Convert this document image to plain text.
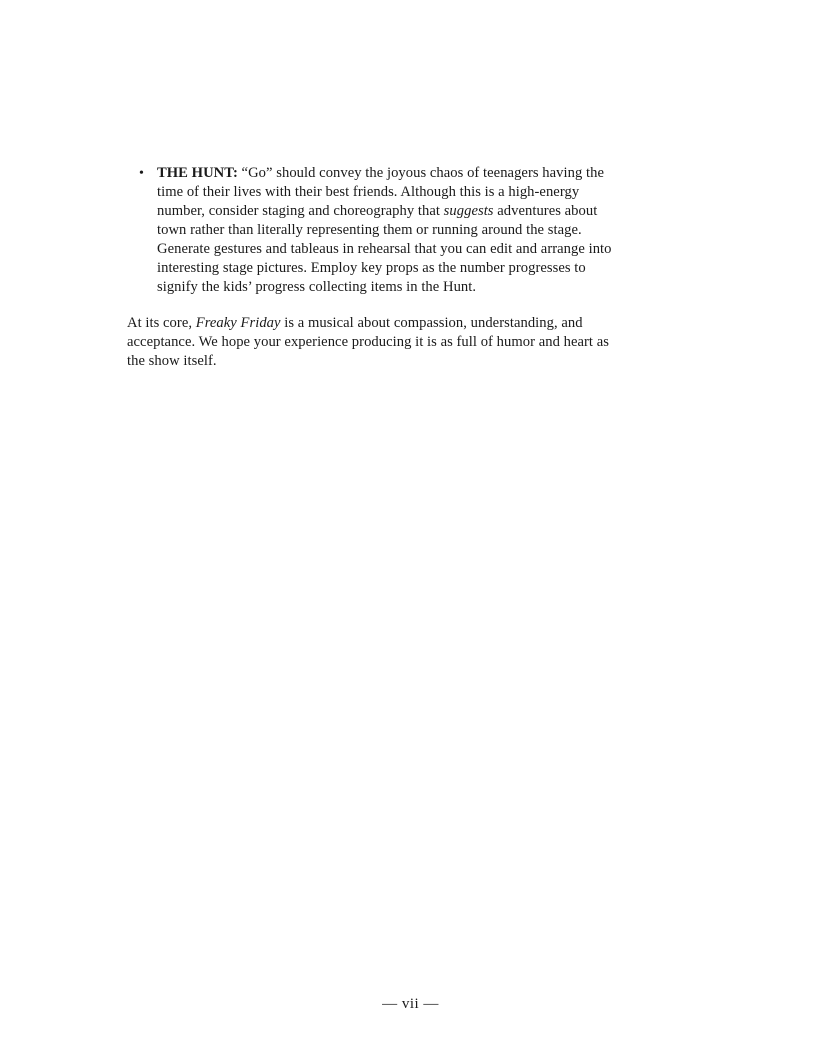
• THE HUNT: “Go” should convey the joyous chaos of teenagers having the
time of their lives with their best friends. Although this is a high-energy
number, consider staging and choreography that suggests adventures about
town rather than literally representing them or running around the stage.
Generate gestures and tableaus in rehearsal that you can edit and arrange into
interesting stage pictures. Employ key props as the number progresses to
signify the kids’ progress collecting items in the Hunt.

At its core, Freaky Friday is a musical about compassion, understanding, and
acceptance. We hope your experience producing it is as full of humor and heart as
the show itself.

— vii —
